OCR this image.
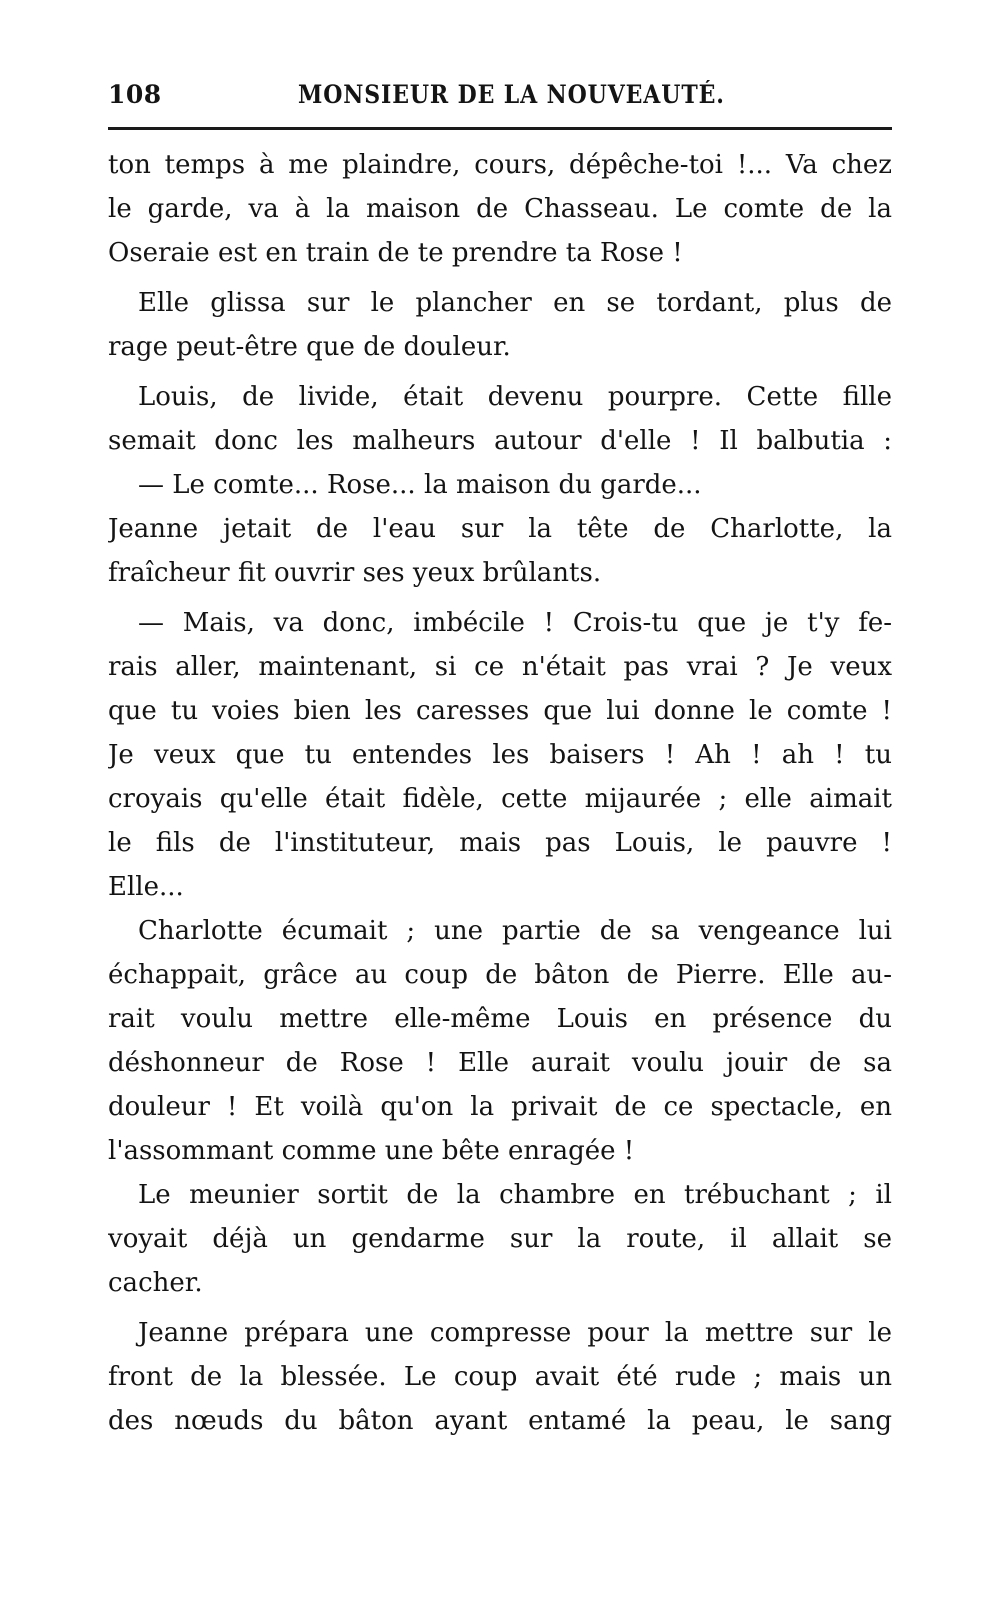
108	MONSIEUR DE LA NOUVEAUTÉ.
ton temps à me plaindre, cours, dépêche-toi !... Va chez
le garde, va à la maison de Chasseau. Le comte de la
Oseraie est en train de te prendre ta Rose !
Elle glissa sur le plancher en se tordant, plus de
rage peut-être que de douleur.
Louis, de livide, était devenu pourpre. Cette fille
semait donc les malheurs autour d'elle ! Il balbutia :
— Le comte... Rose... la maison du garde...
Jeanne jetait de l'eau sur la tête de Charlotte, la
fraîcheur fit ouvrir ses yeux brûlants.
— Mais, va donc, imbécile ! Crois-tu que je t'y fe-
rais aller, maintenant, si ce n'était pas vrai ? Je veux
que tu voies bien les caresses que lui donne le comte !
Je veux que tu entendes les baisers ! Ah ! ah ! tu
croyais qu'elle était fidèle, cette mijaurée ; elle aimait
le fils de l'instituteur, mais pas Louis, le pauvre !
Elle...
Charlotte écumait ; une partie de sa vengeance lui
échappait, grâce au coup de bâton de Pierre. Elle au-
rait voulu mettre elle-même Louis en présence du
déshonneur de Rose ! Elle aurait voulu jouir de sa
douleur ! Et voilà qu'on la privait de ce spectacle, en
l'assommant comme une bête enragée !
Le meunier sortit de la chambre en trébuchant ; il
voyait déjà un gendarme sur la route, il allait se
cacher.
Jeanne prépara une compresse pour la mettre sur le
front de la blessée. Le coup avait été rude ; mais un
des nœuds du bâton ayant entamé la peau, le sang
